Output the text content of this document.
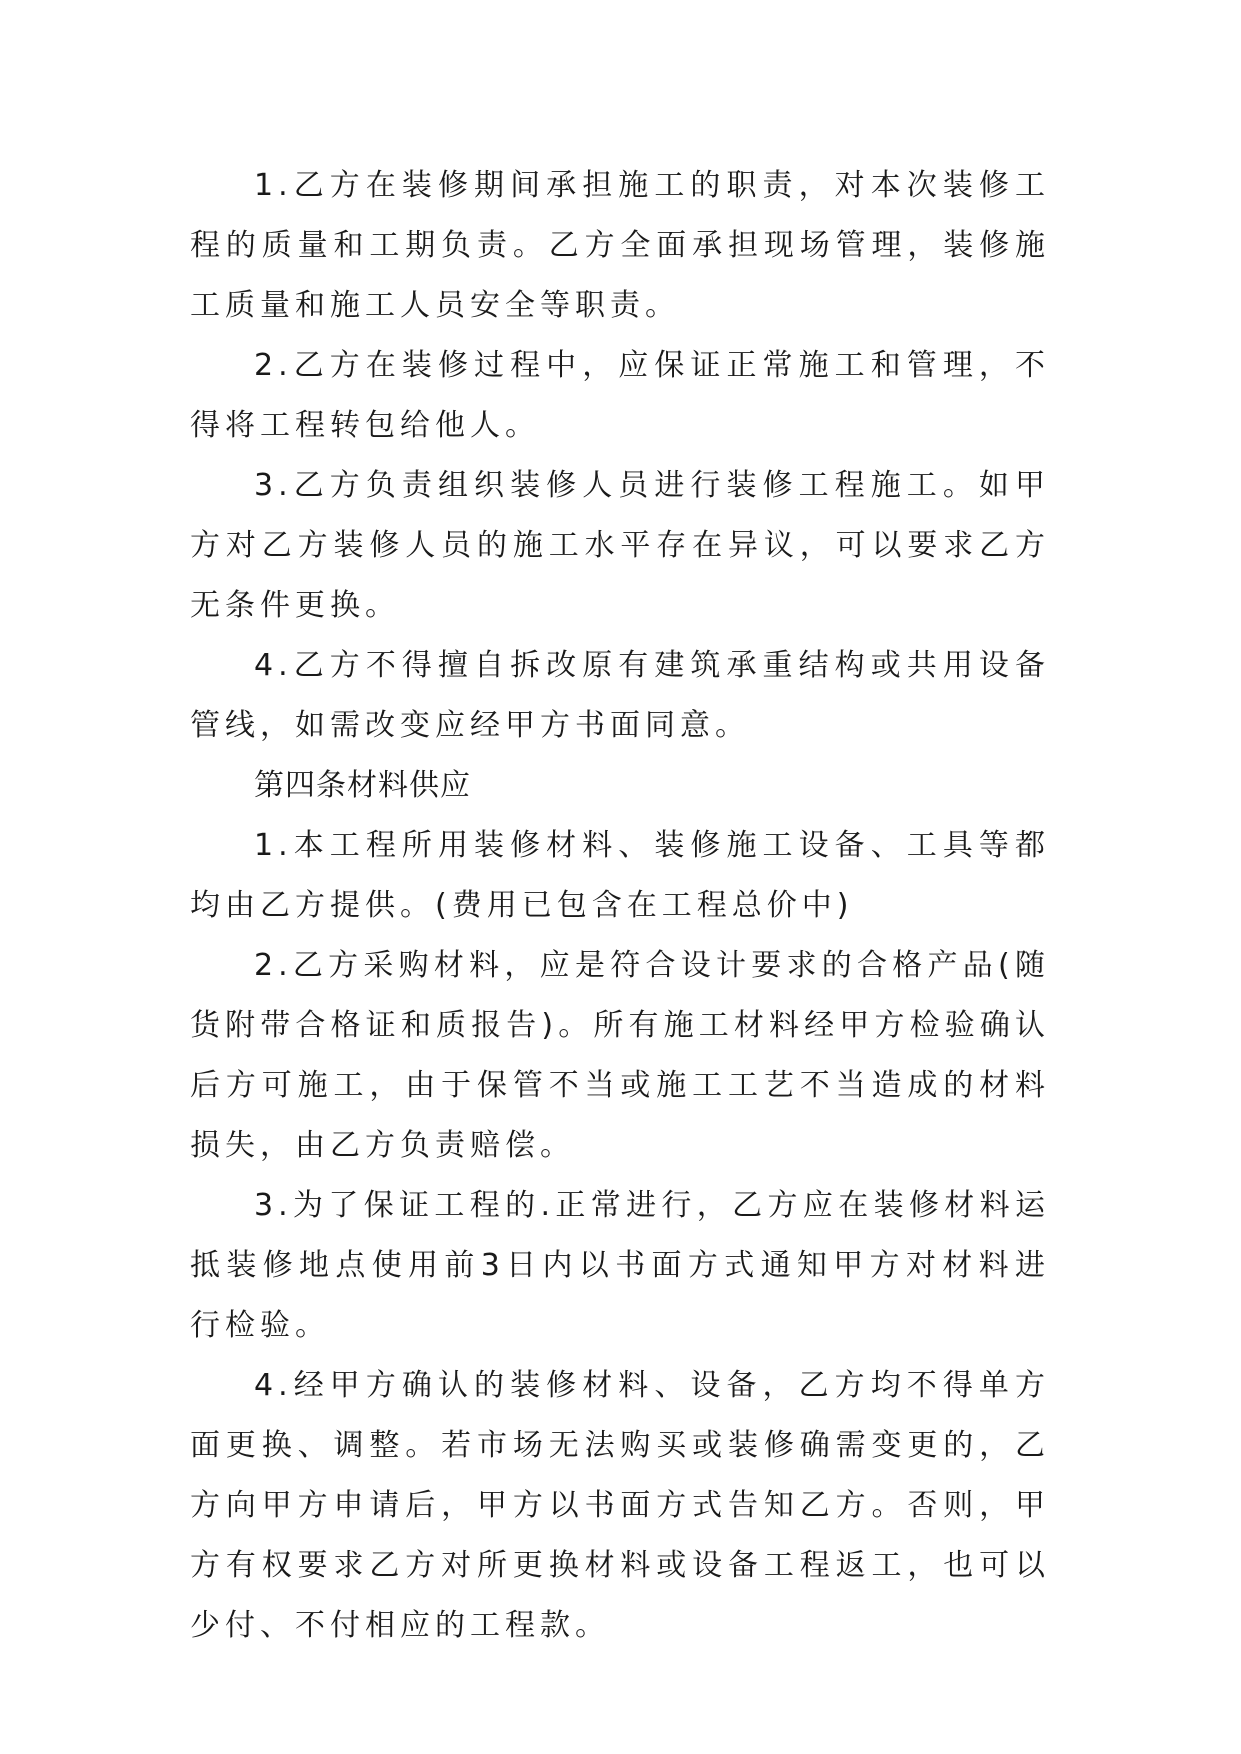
1.乙方在装修期间承担施工的职责，对本次装修工程的质量和工期负责。乙方全面承担现场管理，装修施工质量和施工人员安全等职责。

2.乙方在装修过程中，应保证正常施工和管理，不得将工程转包给他人。

3.乙方负责组织装修人员进行装修工程施工。如甲方对乙方装修人员的施工水平存在异议，可以要求乙方无条件更换。

4.乙方不得擅自拆改原有建筑承重结构或共用设备管线，如需改变应经甲方书面同意。

第四条材料供应

1.本工程所用装修材料、装修施工设备、工具等都均由乙方提供。(费用已包含在工程总价中)

2.乙方采购材料，应是符合设计要求的合格产品(随货附带合格证和质报告)。所有施工材料经甲方检验确认后方可施工，由于保管不当或施工工艺不当造成的材料损失，由乙方负责赔偿。

3.为了保证工程的.正常进行，乙方应在装修材料运抵装修地点使用前3日内以书面方式通知甲方对材料进行检验。

4.经甲方确认的装修材料、设备，乙方均不得单方面更换、调整。若市场无法购买或装修确需变更的，乙方向甲方申请后，甲方以书面方式告知乙方。否则，甲方有权要求乙方对所更换材料或设备工程返工，也可以少付、不付相应的工程款。
